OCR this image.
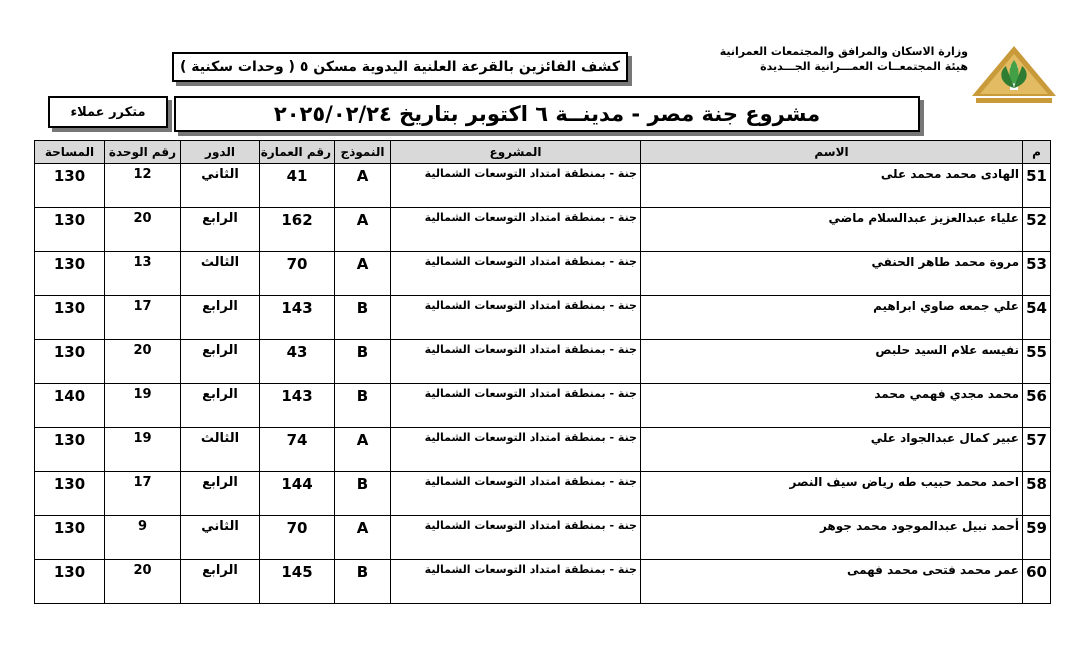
وزارة الاسكان والمرافق والمجتمعات العمرانية
هيئة المجتمعــات العمـــرانية الجـــديدة
كشف الفائزين بالقرعة العلنية اليدوية مسكن ٥ ( وحدات سكنية )
مشروع جنة مصر - مدينــة ٦ اكتوبر بتاريخ ٢٠٢٥/٠٢/٢٤
متكرر عملاء
م	الاسم	المشروع	النموذج	رقم العمارة	الدور	رقم الوحدة	المساحة
51	الهادى محمد محمد على	جنة - بمنطقة امتداد التوسعات الشمالية	A	41	الثاني	12	130
52	علياء عبدالعزيز عبدالسلام ماضي	جنة - بمنطقة امتداد التوسعات الشمالية	A	162	الرابع	20	130
53	مروة محمد طاهر الحنفي	جنة - بمنطقة امتداد التوسعات الشمالية	A	70	الثالث	13	130
54	علي جمعه صاوي ابراهيم	جنة - بمنطقة امتداد التوسعات الشمالية	B	143	الرابع	17	130
55	نفيسه علام السيد حلبص	جنة - بمنطقة امتداد التوسعات الشمالية	B	43	الرابع	20	130
56	محمد مجدي فهمي محمد	جنة - بمنطقة امتداد التوسعات الشمالية	B	143	الرابع	19	140
57	عبير كمال عبدالجواد علي	جنة - بمنطقة امتداد التوسعات الشمالية	A	74	الثالث	19	130
58	احمد محمد حبيب طه رياض سيف النصر	جنة - بمنطقة امتداد التوسعات الشمالية	B	144	الرابع	17	130
59	أحمد نبيل عبدالموجود محمد جوهر	جنة - بمنطقة امتداد التوسعات الشمالية	A	70	الثاني	9	130
60	عمر محمد فتحى محمد فهمى	جنة - بمنطقة امتداد التوسعات الشمالية	B	145	الرابع	20	130
